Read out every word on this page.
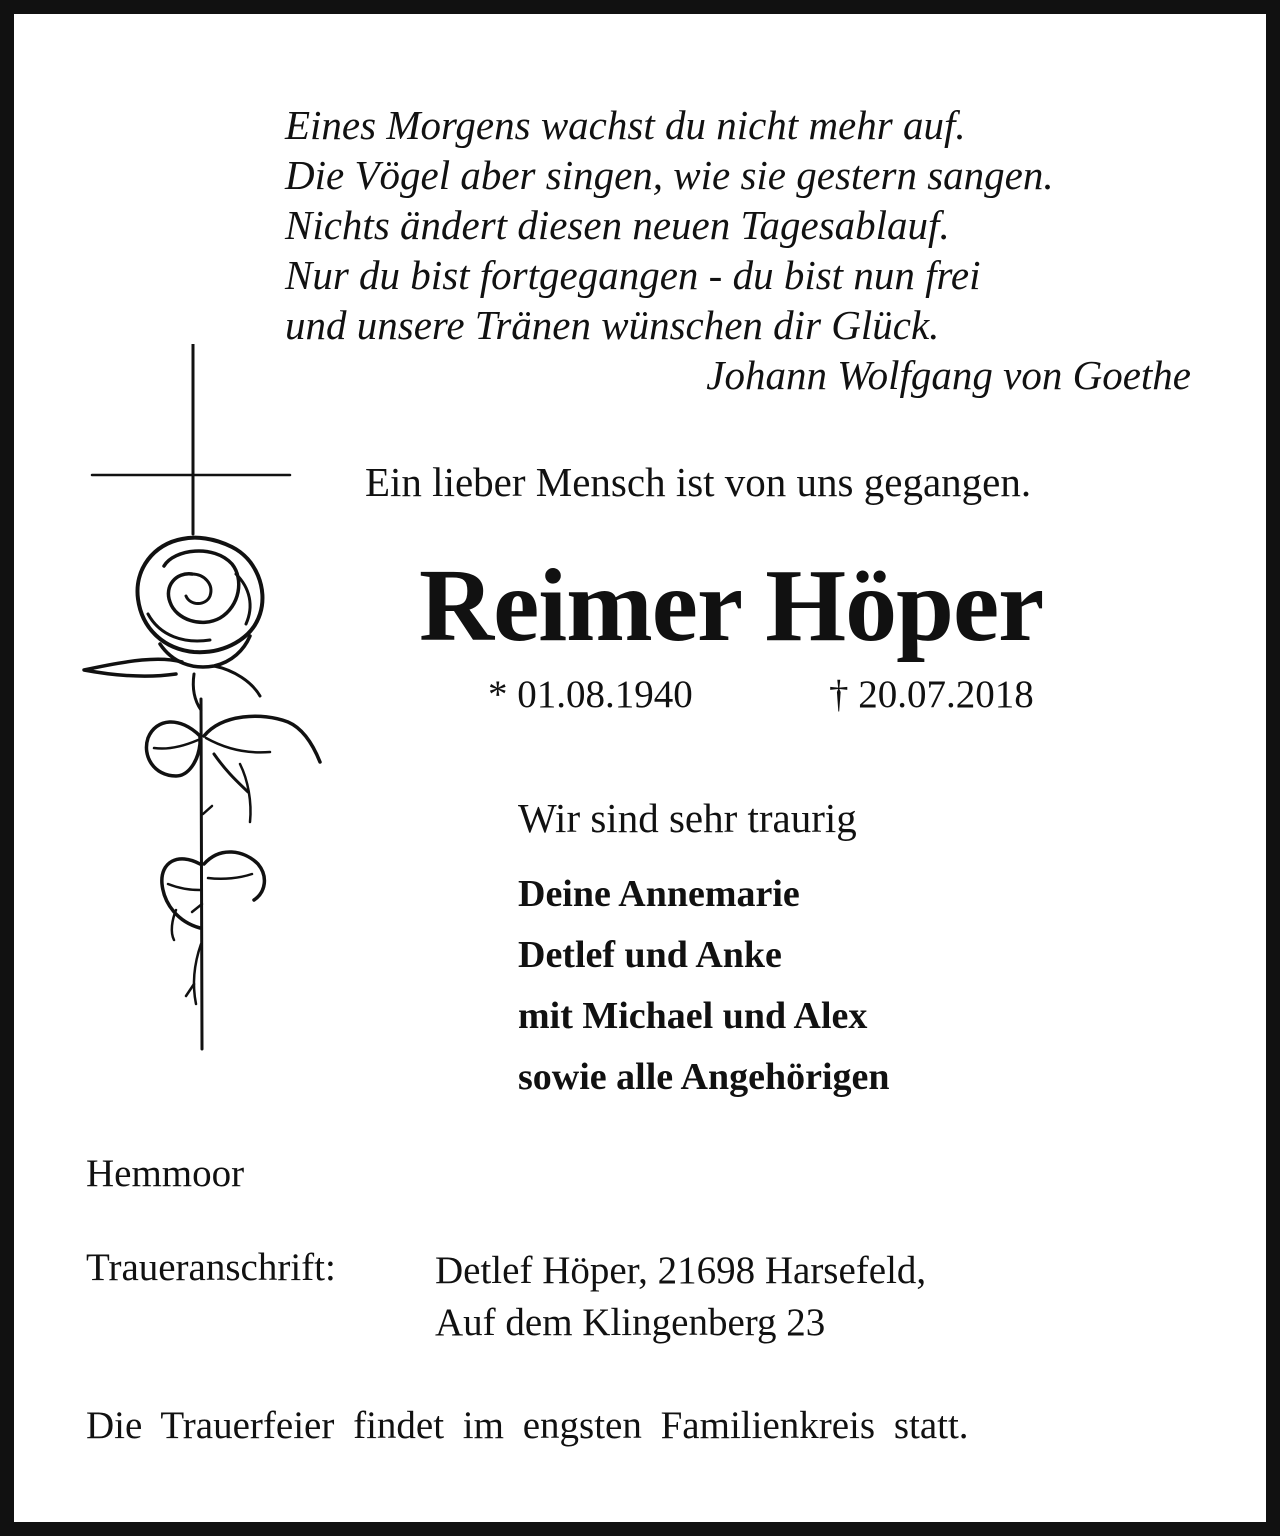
Eines Morgens wachst du nicht mehr auf.
Die Vögel aber singen, wie sie gestern sangen.
Nichts ändert diesen neuen Tagesablauf.
Nur du bist fortgegangen - du bist nun frei
und unsere Tränen wünschen dir Glück.
Johann Wolfgang von Goethe
Ein lieber Mensch ist von uns gegangen.
Reimer Höper
* 01.08.1940	† 20.07.2018
Wir sind sehr traurig
Deine Annemarie
Detlef und Anke
mit Michael und Alex
sowie alle Angehörigen
Hemmoor
Traueranschrift:	Detlef Höper, 21698 Harsefeld,
Auf dem Klingenberg 23
Die Trauerfeier findet im engsten Familienkreis statt.
